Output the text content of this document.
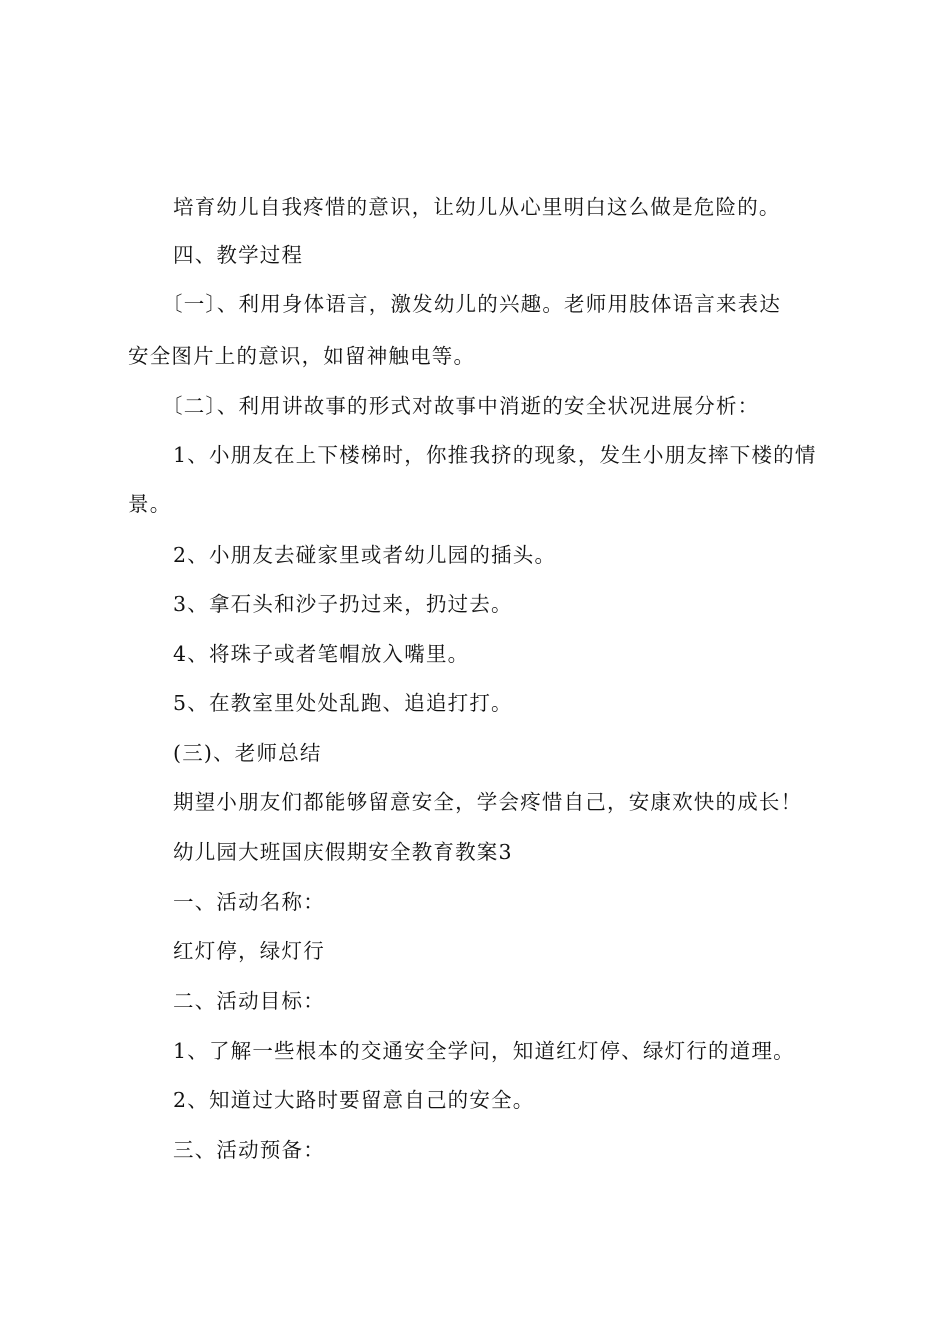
培育幼儿自我疼惜的意识，让幼儿从心里明白这么做是危险的。
四、教学过程
〔一〕、利用身体语言，激发幼儿的兴趣。老师用肢体语言来表达
安全图片上的意识，如留神触电等。
〔二〕、利用讲故事的形式对故事中消逝的安全状况进展分析：
1、小朋友在上下楼梯时，你推我挤的现象，发生小朋友摔下楼的情
景。
2、小朋友去碰家里或者幼儿园的插头。
3、拿石头和沙子扔过来，扔过去。
4、将珠子或者笔帽放入嘴里。
5、在教室里处处乱跑、追追打打。
(三)、老师总结
期望小朋友们都能够留意安全，学会疼惜自己，安康欢快的成长！
幼儿园大班国庆假期安全教育教案3
一、活动名称：
红灯停，绿灯行
二、活动目标：
1、了解一些根本的交通安全学问，知道红灯停、绿灯行的道理。
2、知道过大路时要留意自己的安全。
三、活动预备：
